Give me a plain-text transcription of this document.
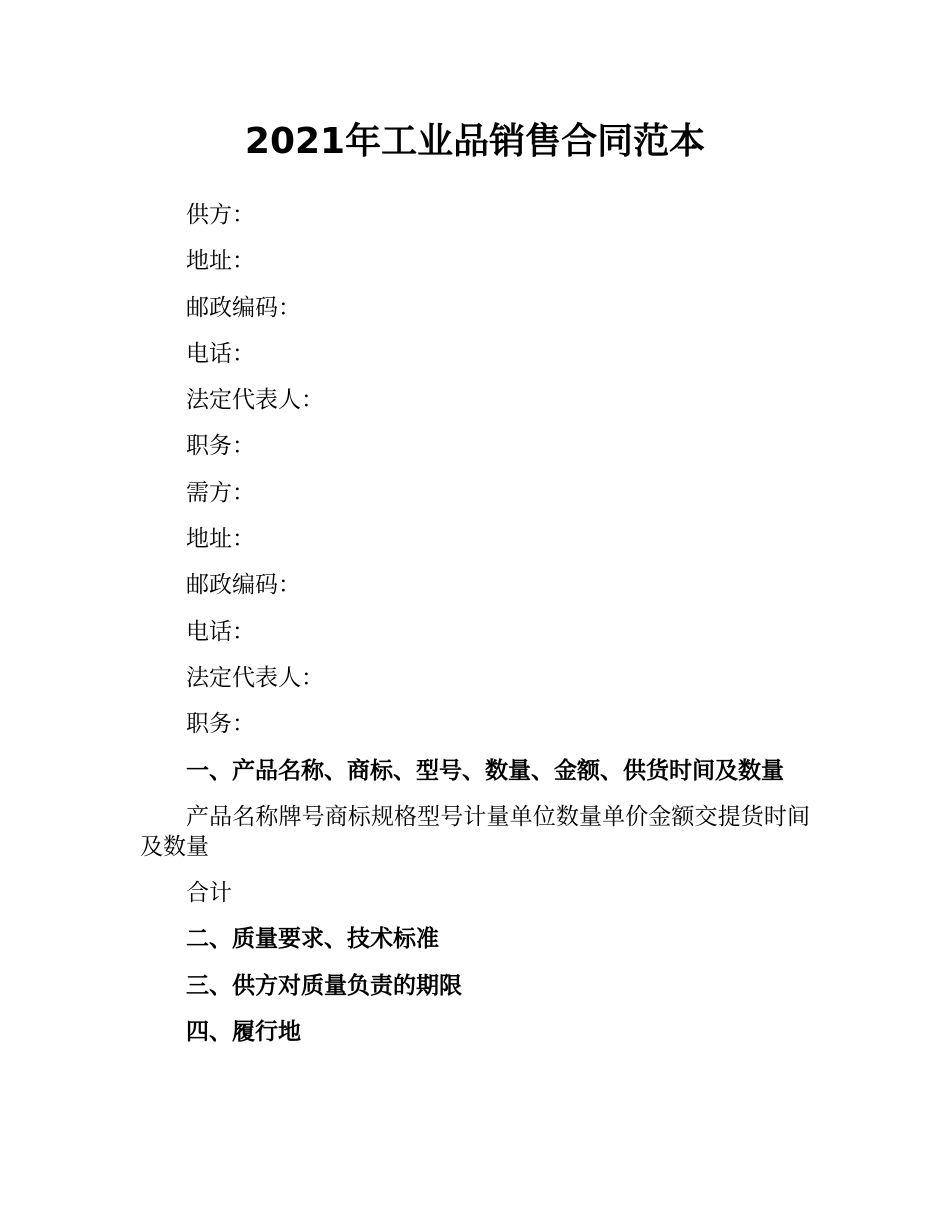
2021年工业品销售合同范本

供方：

地址：

邮政编码：

电话：

法定代表人：

职务：

需方：

地址：

邮政编码：

电话：

法定代表人：

职务：

一、产品名称、商标、型号、数量、金额、供货时间及数量

产品名称牌号商标规格型号计量单位数量单价金额交提货时间及数量

合计

二、质量要求、技术标准

三、供方对质量负责的期限

四、履行地
